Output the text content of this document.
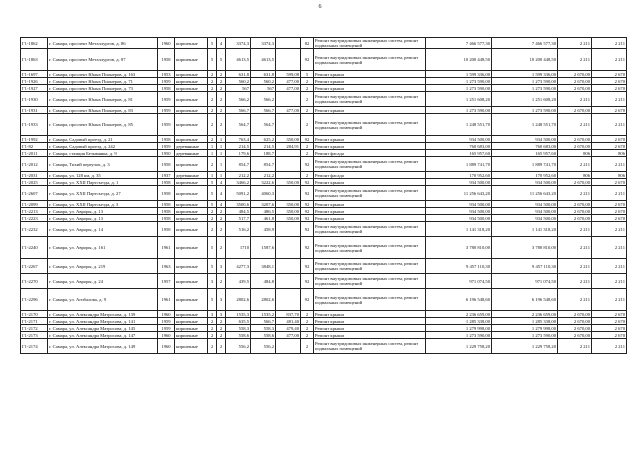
6
Г1-1862	г. Самара, проспект Металлургов, д. 86	1960	кирпичные	5	4	3374,3	3374,3		82	Ремонт внутридомовых инженерных систем, ремонт подвальных помещений	7 466 577,30	7 466 577,30	2 211	2 211
Г1-1863	г. Самара, проспект Металлургов, д. 87	1958	кирпичные	5	5	4613,5	4613,5		92	Ремонт внутридомовых инженерных систем, ремонт подвальных помещений	10 200 448,50	10 200 448,50	2 211	2 211
Г1-1697	г. Самара, проспект Юных Пионеров, д. 163	1953	кирпичные	2	2	631,8	631,8	599,08	5	Ремонт крыши	1 599 336,00	1 599 336,00	2 670,00	2 670
Г1-1926	г. Самара, проспект Юных Пионеров, д. 71	1959	кирпичные	2	2	560,2	560,2	477,00	2	Ремонт крыши	1 273 590,00	1 273 590,00	2 670,00	2 670
Г1-1927	г. Самара, проспект Юных Пионеров, д. 73	1958	кирпичные	2	2	567	567	477,00	2	Ремонт крыши	1 273 590,00	1 273 590,00	2 670,00	2 670
Г1-1930	г. Самара, проспект Юных Пионеров, д. 81	1959	кирпичные	2	2	566,2	566,2		2	Ремонт внутридомовых инженерных систем, ремонт подвальных помещений	1 251 608,20	1 251 608,20	2 211	2 211
Г1-1931	г. Самара, проспект Юных Пионеров, д. 83	1959	кирпичные	2	2	566,7	566,7	477,00	2	Ремонт крыши	1 273 590,00	1 273 590,00	2 670,00	2 670
Г1-1933	г. Самара, проспект Юных Пионеров, д. 85	1959	кирпичные	2	2	564,7	564,7		2	Ремонт внутридомовых инженерных систем, ремонт подвальных помещений	1 248 551,70	1 248 551,70	2 211	2 211
Г1-1992	г. Самара, Садовый проезд, д. 21	1958	кирпичные	2	1	763,4	625,2	350,00	92	Ремонт крыши	934 500,00	934 500,00	2 670,00	2 670
Г1-82	г. Самара, Садовый проезд, д. 242	1959	деревянные	1	1	214,5	214,5	284,91	2	Ремонт крыши	760 683,00	760 683,00	2 670,00	2 670
Г1-2011	г. Самара, станция Безымянка, д. 9	1950	деревянные	1	1	179,6	188,7		2	Ремонт фасада	165 957,60	165 957,60	806	806
Г1-2012	г. Самара, Тихий переулок, д. 3	1958	кирпичные	2	1	854,7	854,7		92	Ремонт внутридомовых инженерных систем, ремонт подвальных помещений	1 889 741,70	1 889 741,70	2 211	2 211
Г1-2031	г. Самара, ул. 128 км, д. 35	1937	деревянные	1	1	212,2	212,2		2	Ремонт фасада	170 952,60	170 952,60	806	806
Г1-2025	г. Самара, ул. XXII Партсъезда, д. 1	1958	кирпичные	5	4	3466,2	3222,6	350,00	92	Ремонт крыши	934 500,00	934 500,00	2 670,00	2 670
Г1-2607	г. Самара, ул. XXII Партсъезда, д. 27	1958	кирпичные	5	4	5091,2	4060,3		92	Ремонт внутридомовых инженерных систем, ремонт подвальных помещений	11 256 643,20	11 256 643,20	2 211	2 211
Г1-2099	г. Самара, ул. XXII Партсъезда, д. 3	1958	кирпичные	5	4	3500,6	3207,6	350,00	92	Ремонт крыши	934 500,00	934 500,00	2 670,00	2 670
Г1-2213	г. Самара, ул. Авроры, д. 13	1958	кирпичные	2	2	484,5	486,5	350,00	92	Ремонт крыши	934 500,00	934 500,00	2 670,00	2 670
Г1-2223	г. Самара, ул. Авроры, д. 13	1958	кирпичные	2	2	517,7	461,8	350,00	92	Ремонт крыши	934 500,00	934 500,00	2 670,00	2 670
Г1-2232	г. Самара, ул. Авроры, д. 14	1958	кирпичные	2	2	516,2	458,9		92	Ремонт внутридомовых инженерных систем, ремонт подвальных помещений	1 141 318,20	1 141 318,20	2 211	2 211
Г1-2240	г. Самара, ул. Авроры, д. 161	1961	кирпичные	5	2	1710	1587,6		92	Ремонт внутридомовых инженерных систем, ремонт подвальных помещений	3 780 810,00	3 780 810,00	2 211	2 211
Г1-2267	г. Самара, ул. Авроры, д. 219	1963	кирпичные	5	3	4277,3	3848,1		92	Ремонт внутридомовых инженерных систем, ремонт подвальных помещений	9 457 110,30	9 457 110,30	2 211	2 211
Г1-2270	г. Самара, ул. Авроры, д. 24	1957	кирпичные	3	2	439,5	484,8		92	Ремонт внутридомовых инженерных систем, ремонт подвальных помещений	971 074,50	971 074,50	2 211	2 211
Г1-2296	г. Самара, ул. Агибалова, д. 9	1961	кирпичные	5	3	2802,6	2802,6		92	Ремонт внутридомовых инженерных систем, ремонт подвальных помещений	6 196 548,60	6 196 548,60	2 211	2 211
Г1-2170	г. Самара, ул. Александра Матросова, д. 139	1960	кирпичные	3	3	1535,3	1535,2	837,70	2	Ремонт крыши	2 236 659,00	2 236 659,00	2 670,00	2 670
Г1-2171	г. Самара, ул. Александра Матросова, д. 141	1959	кирпичные	2	2	635,5	566,7	481,40	2	Ремонт крыши	1 285 338,00	1 285 338,00	2 670,00	2 670
Г1-2172	г. Самара, ул. Александра Матросова, д. 145	1959	кирпичные	2	2	558,3	558,3	479,40	2	Ремонт крыши	1 279 998,00	1 279 998,00	2 670,00	2 670
Г1-2173	г. Самара, ул. Александра Матросова, д. 147	1960	кирпичные	2	2	558,6	558,6	477,00	2	Ремонт крыши	1 273 590,00	1 273 590,00	2 670,00	2 670
Г1-2174	г. Самара, ул. Александра Матросова, д. 149	1960	кирпичные	2	2	556,2	556,2		2	Ремонт внутридомовых инженерных систем, ремонт подвальных помещений	1 229 758,20	1 229 758,20	2 211	2 211
